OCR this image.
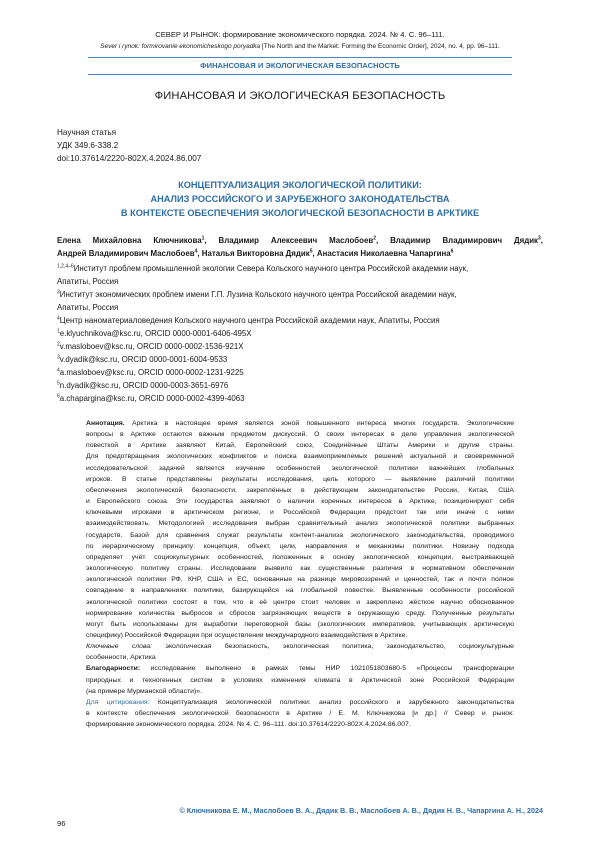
СЕВЕР И РЫНОК: формирование экономического порядка. 2024. № 4. С. 96–111.
Sever i rynok: formirovanie ekonomicheskogo poryadka [The North and the Market: Forming the Economic Order], 2024, no. 4, pp. 96–111.
ФИНАНСОВАЯ И ЭКОЛОГИЧЕСКАЯ БЕЗОПАСНОСТЬ
ФИНАНСОВАЯ И ЭКОЛОГИЧЕСКАЯ БЕЗОПАСНОСТЬ
Научная статья
УДК 349.6-338.2
doi:10.37614/2220-802X.4.2024.86.007
КОНЦЕПТУАЛИЗАЦИЯ ЭКОЛОГИЧЕСКОЙ ПОЛИТИКИ:
АНАЛИЗ РОССИЙСКОГО И ЗАРУБЕЖНОГО ЗАКОНОДАТЕЛЬСТВА
В КОНТЕКСТЕ ОБЕСПЕЧЕНИЯ ЭКОЛОГИЧЕСКОЙ БЕЗОПАСНОСТИ В АРКТИКЕ
Елена Михайловна Ключникова$^1$, Владимир Алексеевич Маслобоев$^2$, Владимир Владимирович Дядик$^3$,
Андрей Владимирович Маслобоев$^4$, Наталья Викторовна Дядик$^5$, Анастасия Николаевна Чапаргина$^6$
$^{1,2,4-6}$Институт проблем промышленной экологии Севера Кольского научного центра Российской академии наук,
Апатиты, Россия
$^3$Институт экономических проблем имени Г.П. Лузина Кольского научного центра Российской академии наук,
Апатиты, Россия
$^4$Центр наноматериаловедения Кольского научного центра Российской академии наук, Апатиты, Россия
$^1$e.klyuchnikova@ksc.ru, ORCID 0000-0001-6406-495X
$^2$v.masloboev@ksc.ru, ORCID 0000-0002-1536-921X
$^3$v.dyadik@ksc.ru, ORCID 0000-0001-6004-9533
$^4$a.masloboev@ksc.ru, ORCID 0000-0002-1231-9225
$^5$n.dyadik@ksc.ru, ORCID 0000-0003-3651-6976
$^6$a.chapargina@ksc.ru, ORCID 0000-0002-4399-4063
Аннотация. Арктика в настоящее время является зоной повышенного интереса многих государств. Экологические
вопросы в Арктике остаются важным предметом дискуссий. О своих интересах в деле управления экологической
повесткой в Арктике заявляют Китай, Европейский союз, Соединённые Штаты Америки и другие страны.
Для предотвращения экологических конфликтов и поиска взаимоприемлемых решений актуальной и своевременной
исследовательской задачей является изучение особенностей экологической политики важнейших глобальных
игроков. В статье представлены результаты исследования, цель которого — выявление различий политики
обеспечения экологической безопасности, закреплённых в действующем законодательстве России, Китая, США
и Европейского союза. Эти государства заявляют о наличии коренных интересов в Арктике, позиционируют себя
ключевыми игроками в арктическом регионе, и Российской Федерации предстоит так или иначе с ними
взаимодействовать. Методологией исследования выбран сравнительный анализ экологической политики выбранных
государств. Базой для сравнения служат результаты контент-анализа экологического законодательства, проводимого
по иерархическому принципу: концепция, объект, цели, направления и механизмы политики. Новизну подхода
определяет учёт социокультурных особенностей, положенных в основу экологической концепции, выстраивающей
экологическую политику страны. Исследование выявило как существенные различия в нормативном обеспечении
экологической политики РФ, КНР, США и ЕС, основанные на разнице мировоззрений и ценностей, так и почти полное
совпадение в направлениях политики, базирующейся на глобальной повестке. Выявленные особенности российской
экологической политики состоят в том, что в её центре стоит человек и закреплено жёсткое научно обоснованное
нормирование количества выбросов и сбросов загрязняющих веществ в окружающую среду. Полученные результаты
могут быть использованы для выработки переговорной базы (экологических императивов, учитывающих арктическую
специфику) Российской Федерации при осуществлении международного взаимодействия в Арктике.
Ключевые слова: экологическая безопасность, экологическая политика, законодательство, социокультурные
особенности, Арктика
Благодарности: исследование выполнено в рамках темы НИР 1021051803680-5 «Процессы трансформации
природных и техногенных систем в условиях изменения климата в Арктической зоне Российской Федерации
(на примере Мурманской области)».
Для цитирования: Концептуализация экологической политики: анализ российского и зарубежного законодательства
в контексте обеспечения экологической безопасности в Арктике / Е. М. Ключникова [и др.] // Север и рынок:
формирование экономического порядка. 2024. № 4. С. 96–111. doi:10.37614/2220-802X.4.2024.86.007.
© Ключникова Е. М., Маслобоев В. А., Дядик В. В., Маслобоев А. В., Дядик Н. В., Чапаргина А. Н., 2024
96
